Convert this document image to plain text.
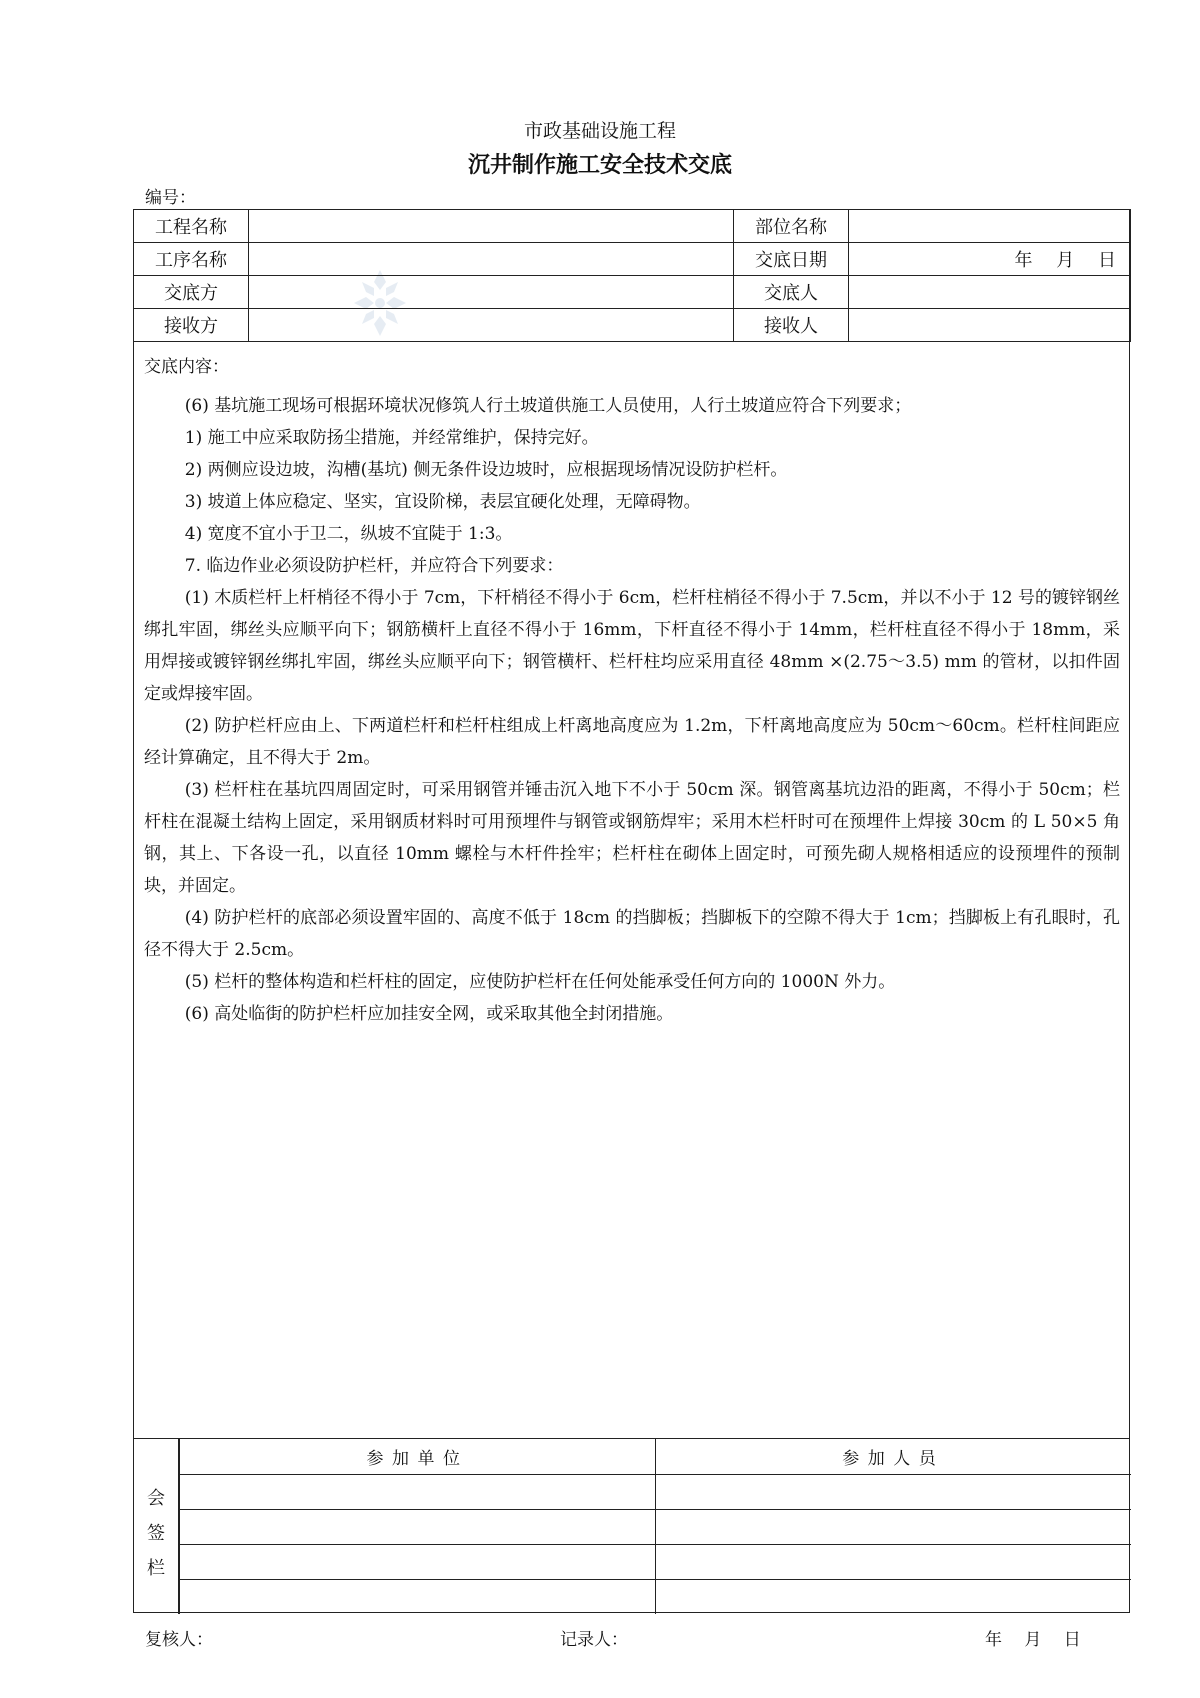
市政基础设施工程
沉井制作施工安全技术交底
编号：
工程名称		部位名称	
工序名称		交底日期	年　 月　 日
交底方		交底人	
接收方		接收人	
交底内容：

(6) 基坑施工现场可根据环境状况修筑人行土坡道供施工人员使用，人行土坡道应符合下列要求；

1) 施工中应采取防扬尘措施，并经常维护，保持完好。

2) 两侧应设边坡，沟槽(基坑) 侧无条件设边坡时，应根据现场情况设防护栏杆。

3) 坡道上体应稳定、坚实，宜设阶梯，表层宜硬化处理，无障碍物。

4) 宽度不宜小于卫二，纵坡不宜陡于 1:3。

7. 临边作业必须设防护栏杆，并应符合下列要求：

(1) 木质栏杆上杆梢径不得小于 7cm，下杆梢径不得小于 6cm，栏杆柱梢径不得小于 7.5cm，并以不小于 12 号的镀锌钢丝绑扎牢固，绑丝头应顺平向下；钢筋横杆上直径不得小于 16mm，下杆直径不得小于 14mm，栏杆柱直径不得小于 18mm，采用焊接或镀锌钢丝绑扎牢固，绑丝头应顺平向下；钢管横杆、栏杆柱均应采用直径 48mm ×(2.75～3.5) mm 的管材，以扣件固定或焊接牢固。

(2) 防护栏杆应由上、下两道栏杆和栏杆柱组成上杆离地高度应为 1.2m，下杆离地高度应为 50cm～60cm。栏杆柱间距应经计算确定，且不得大于 2m。

(3) 栏杆柱在基坑四周固定时，可采用钢管并锤击沉入地下不小于 50cm 深。钢管离基坑边沿的距离，不得小于 50cm；栏杆柱在混凝土结构上固定，采用钢质材料时可用预埋件与钢管或钢筋焊牢；采用木栏杆时可在预埋件上焊接 30cm 的 L 50×5 角钢，其上、下各设一孔，以直径 10mm 螺栓与木杆件拴牢；栏杆柱在砌体上固定时，可预先砌人规格相适应的设预埋件的预制块，并固定。

(4) 防护栏杆的底部必须设置牢固的、高度不低于 18cm 的挡脚板；挡脚板下的空隙不得大于 1cm；挡脚板上有孔眼时，孔径不得大于 2.5cm。

(5) 栏杆的整体构造和栏杆柱的固定，应使防护栏杆在任何处能承受任何方向的 1000N 外力。

(6) 高处临街的防护栏杆应加挂安全网，或采取其他全封闭措施。

会
签
栏
参加单位	参加人员

复核人：	记录人：	年　 月　 日
